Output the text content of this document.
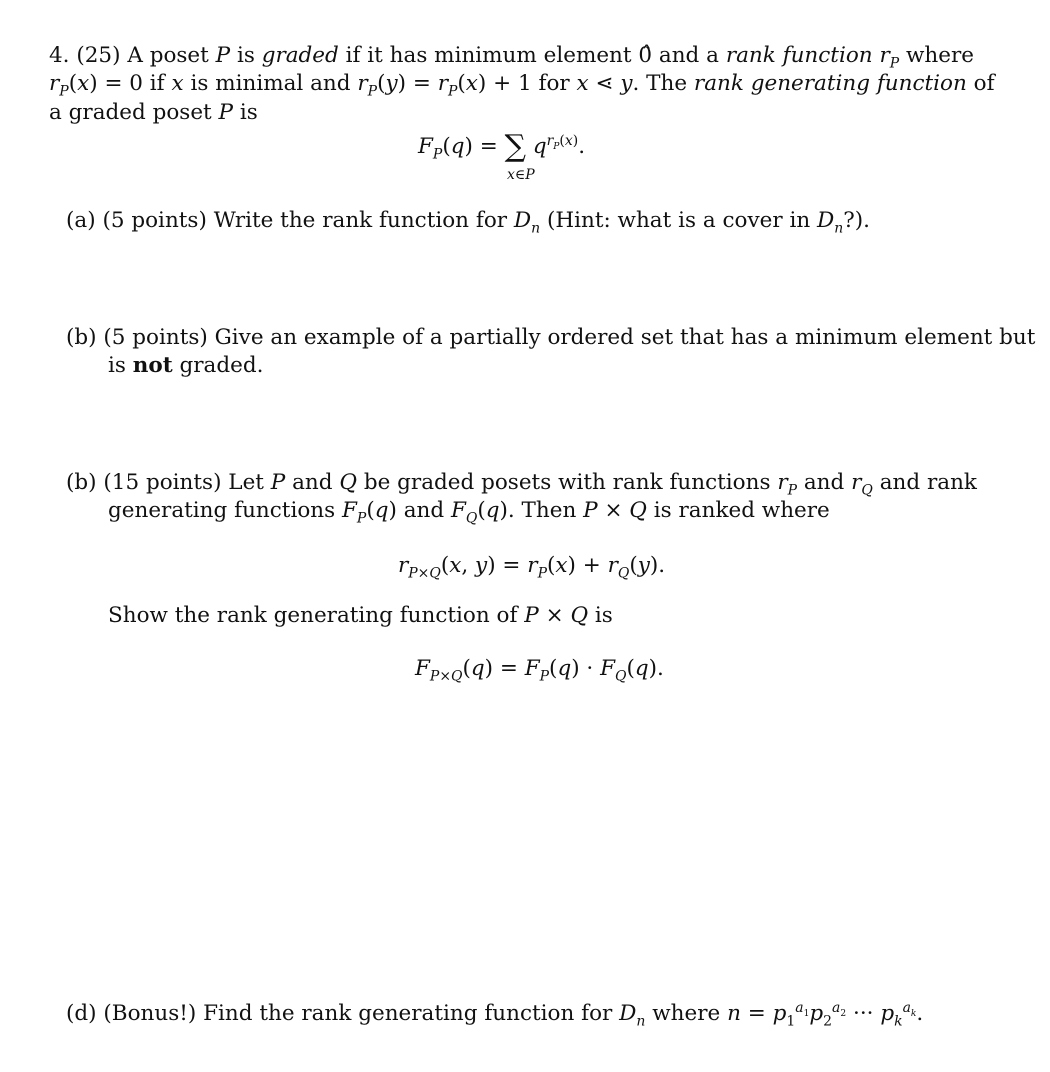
4. (25) A poset P is graded if it has minimum element 0̂ and a rank function $r_P$ where
$r_P(x) = 0$ if x is minimal and $r_P(y) = r_P(x) + 1$ for x ⋖ y. The rank generating function of
a graded poset P is
$F_P(q)$ = ∑ $q^{r_P(x)}$.
x∈P
(a) (5 points) Write the rank function for $D_n$ (Hint: what is a cover in $D_n$?).
(b) (5 points) Give an example of a partially ordered set that has a minimum element but
is not graded.
(b) (15 points) Let P and Q be graded posets with rank functions $r_P$ and $r_Q$ and rank
generating functions $F_P(q)$ and $F_Q(q)$. Then P × Q is ranked where
$r_{P\times Q}(x$, $y) = r_P(x) + r_Q(y)$.
Show the rank generating function of P × Q is
$F_{P\times Q}(q) = F_P(q) \cdot F_Q(q)$.
(d) (Bonus!) Find the rank generating function for $D_n$ where $n = p_1^{a_1}p_2^{a_2}$ ··· $p_k^{a_k}$.
